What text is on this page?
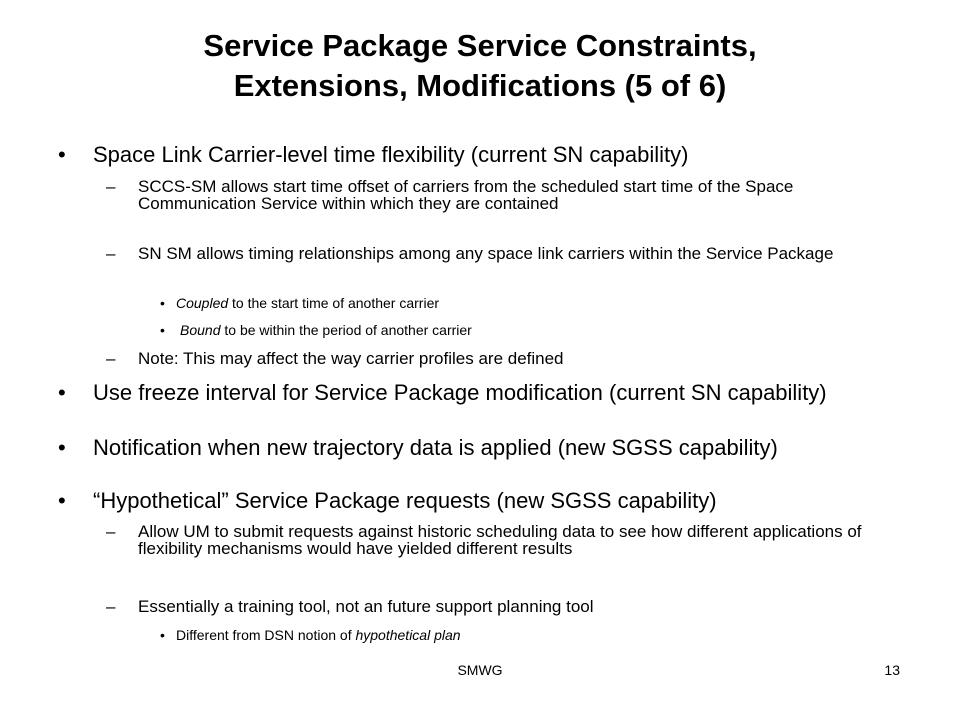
Service Package Service Constraints,
Extensions, Modifications (5 of 6)
• Space Link Carrier-level time flexibility (current SN capability)
– SCCS-SM allows start time offset of carriers from the scheduled start time of the Space Communication Service within which they are contained
– SN SM allows timing relationships among any space link carriers within the Service Package
• Coupled to the start time of another carrier
• Bound to be within the period of another carrier
– Note: This may affect the way carrier profiles are defined
• Use freeze interval for Service Package modification (current SN capability)
• Notification when new trajectory data is applied (new SGSS capability)
• “Hypothetical” Service Package requests (new SGSS capability)
– Allow UM to submit requests against historic scheduling data to see how different applications of flexibility mechanisms would have yielded different results
– Essentially a training tool, not an future support planning tool
• Different from DSN notion of hypothetical plan
SMWG	13
